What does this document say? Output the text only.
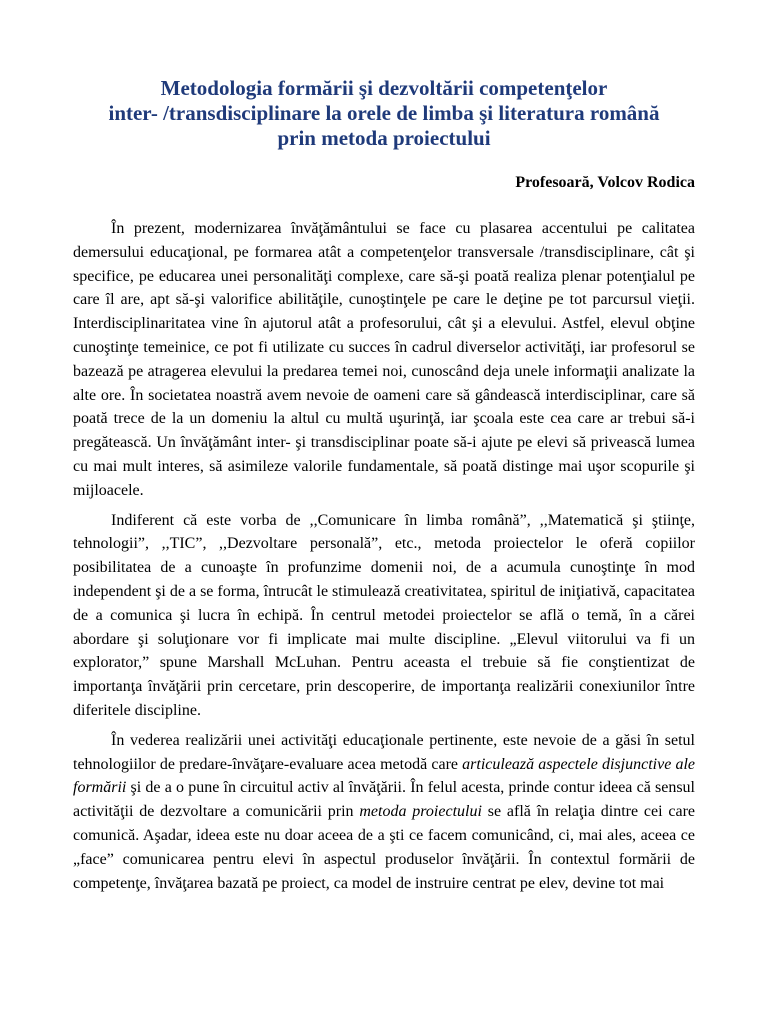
Metodologia formării şi dezvoltării competenţelor
inter- /transdisciplinare la orele de limba şi literatura română
prin metoda proiectului

Profesoară, Volcov Rodica

În prezent, modernizarea învăţământului se face cu plasarea accentului pe calitatea demersului educaţional, pe formarea atât a competenţelor transversale /transdisciplinare, cât şi specifice, pe educarea unei personalităţi complexe, care să-şi poată realiza plenar potenţialul pe care îl are, apt să-şi valorifice abilităţile, cunoştinţele pe care le deţine pe tot parcursul vieţii. Interdisciplinaritatea vine în ajutorul atât a profesorului, cât şi a elevului. Astfel, elevul obţine cunoştinţe temeinice, ce pot fi utilizate cu succes în cadrul diverselor activităţi, iar profesorul se bazează pe atragerea elevului la predarea temei noi, cunoscând deja unele informaţii analizate la alte ore. În societatea noastră avem nevoie de oameni care să gândească interdisciplinar, care să poată trece de la un domeniu la altul cu multă uşurinţă, iar şcoala este cea care ar trebui să-i pregătească. Un învăţământ inter- şi transdisciplinar poate să-i ajute pe elevi să privească lumea cu mai mult interes, să asimileze valorile fundamentale, să poată distinge mai uşor scopurile şi mijloacele.

Indiferent că este vorba de ,,Comunicare în limba română”, ,,Matematică şi ştiinţe, tehnologii”, ,,TIC”, ,,Dezvoltare personală”, etc., metoda proiectelor le oferă copiilor posibilitatea de a cunoaşte în profunzime domenii noi, de a acumula cunoştinţe în mod independent şi de a se forma, întrucât le stimulează creativitatea, spiritul de iniţiativă, capacitatea de a comunica şi lucra în echipă. În centrul metodei proiectelor se află o temă, în a cărei abordare şi soluţionare vor fi implicate mai multe discipline. „Elevul viitorului va fi un explorator,” spune Marshall McLuhan. Pentru aceasta el trebuie să fie conştientizat de importanţa învăţării prin cercetare, prin descoperire, de importanţa realizării conexiunilor între diferitele discipline.

În vederea realizării unei activităţi educaţionale pertinente, este nevoie de a găsi în setul tehnologiilor de predare-învăţare-evaluare acea metodă care articulează aspectele disjunctive ale formării şi de a o pune în circuitul activ al învăţării. În felul acesta, prinde contur ideea că sensul activităţii de dezvoltare a comunicării prin metoda proiectului se află în relaţia dintre cei care comunică. Aşadar, ideea este nu doar aceea de a şti ce facem comunicând, ci, mai ales, aceea ce „face” comunicarea pentru elevi în aspectul produselor învăţării. În contextul formării de competenţe, învăţarea bazată pe proiect, ca model de instruire centrat pe elev, devine tot mai
